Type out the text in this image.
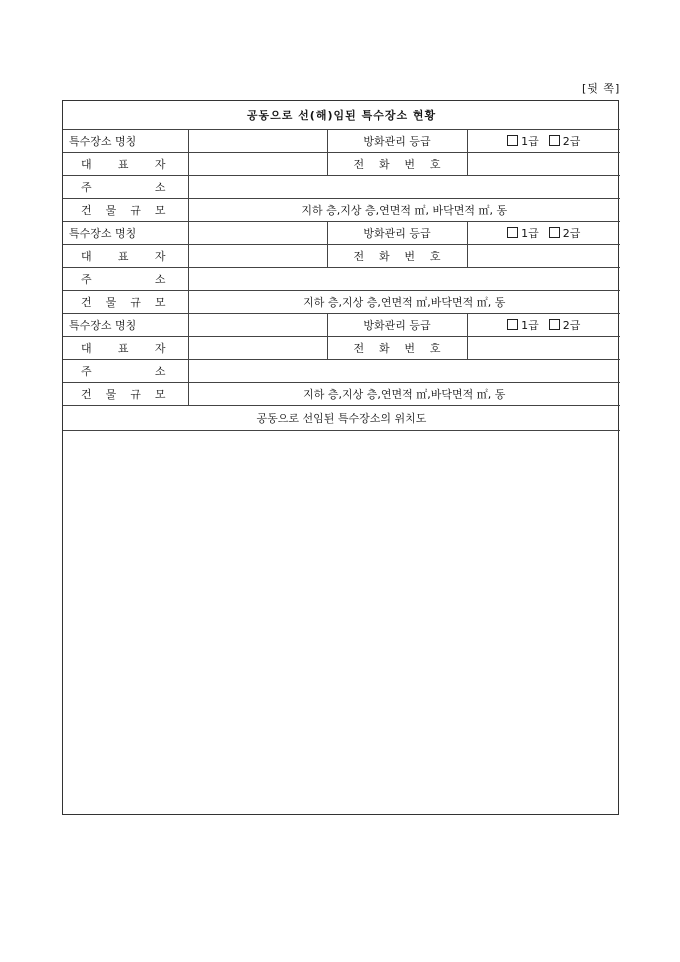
[뒷 쪽]
공동으로 선(해)임된 특수장소 현황			
특수장소 명칭		방화관리 등급	1급 2급
대 표 자		전 화 번 호	
주 소			
건 물 규 모	지하 층,지상 층,연면적 ㎡, 바닥면적 ㎡, 동		
특수장소 명칭		방화관리 등급	1급 2급
대 표 자		전 화 번 호	
주 소			
건 물 규 모	지하 층,지상 층,연면적 ㎡,바닥면적 ㎡, 동		
특수장소 명칭		방화관리 등급	1급 2급
대 표 자		전 화 번 호	
주 소			
건 물 규 모	지하 층,지상 층,연면적 ㎡,바닥면적 ㎡, 동		
공동으로 선임된 특수장소의 위치도			
